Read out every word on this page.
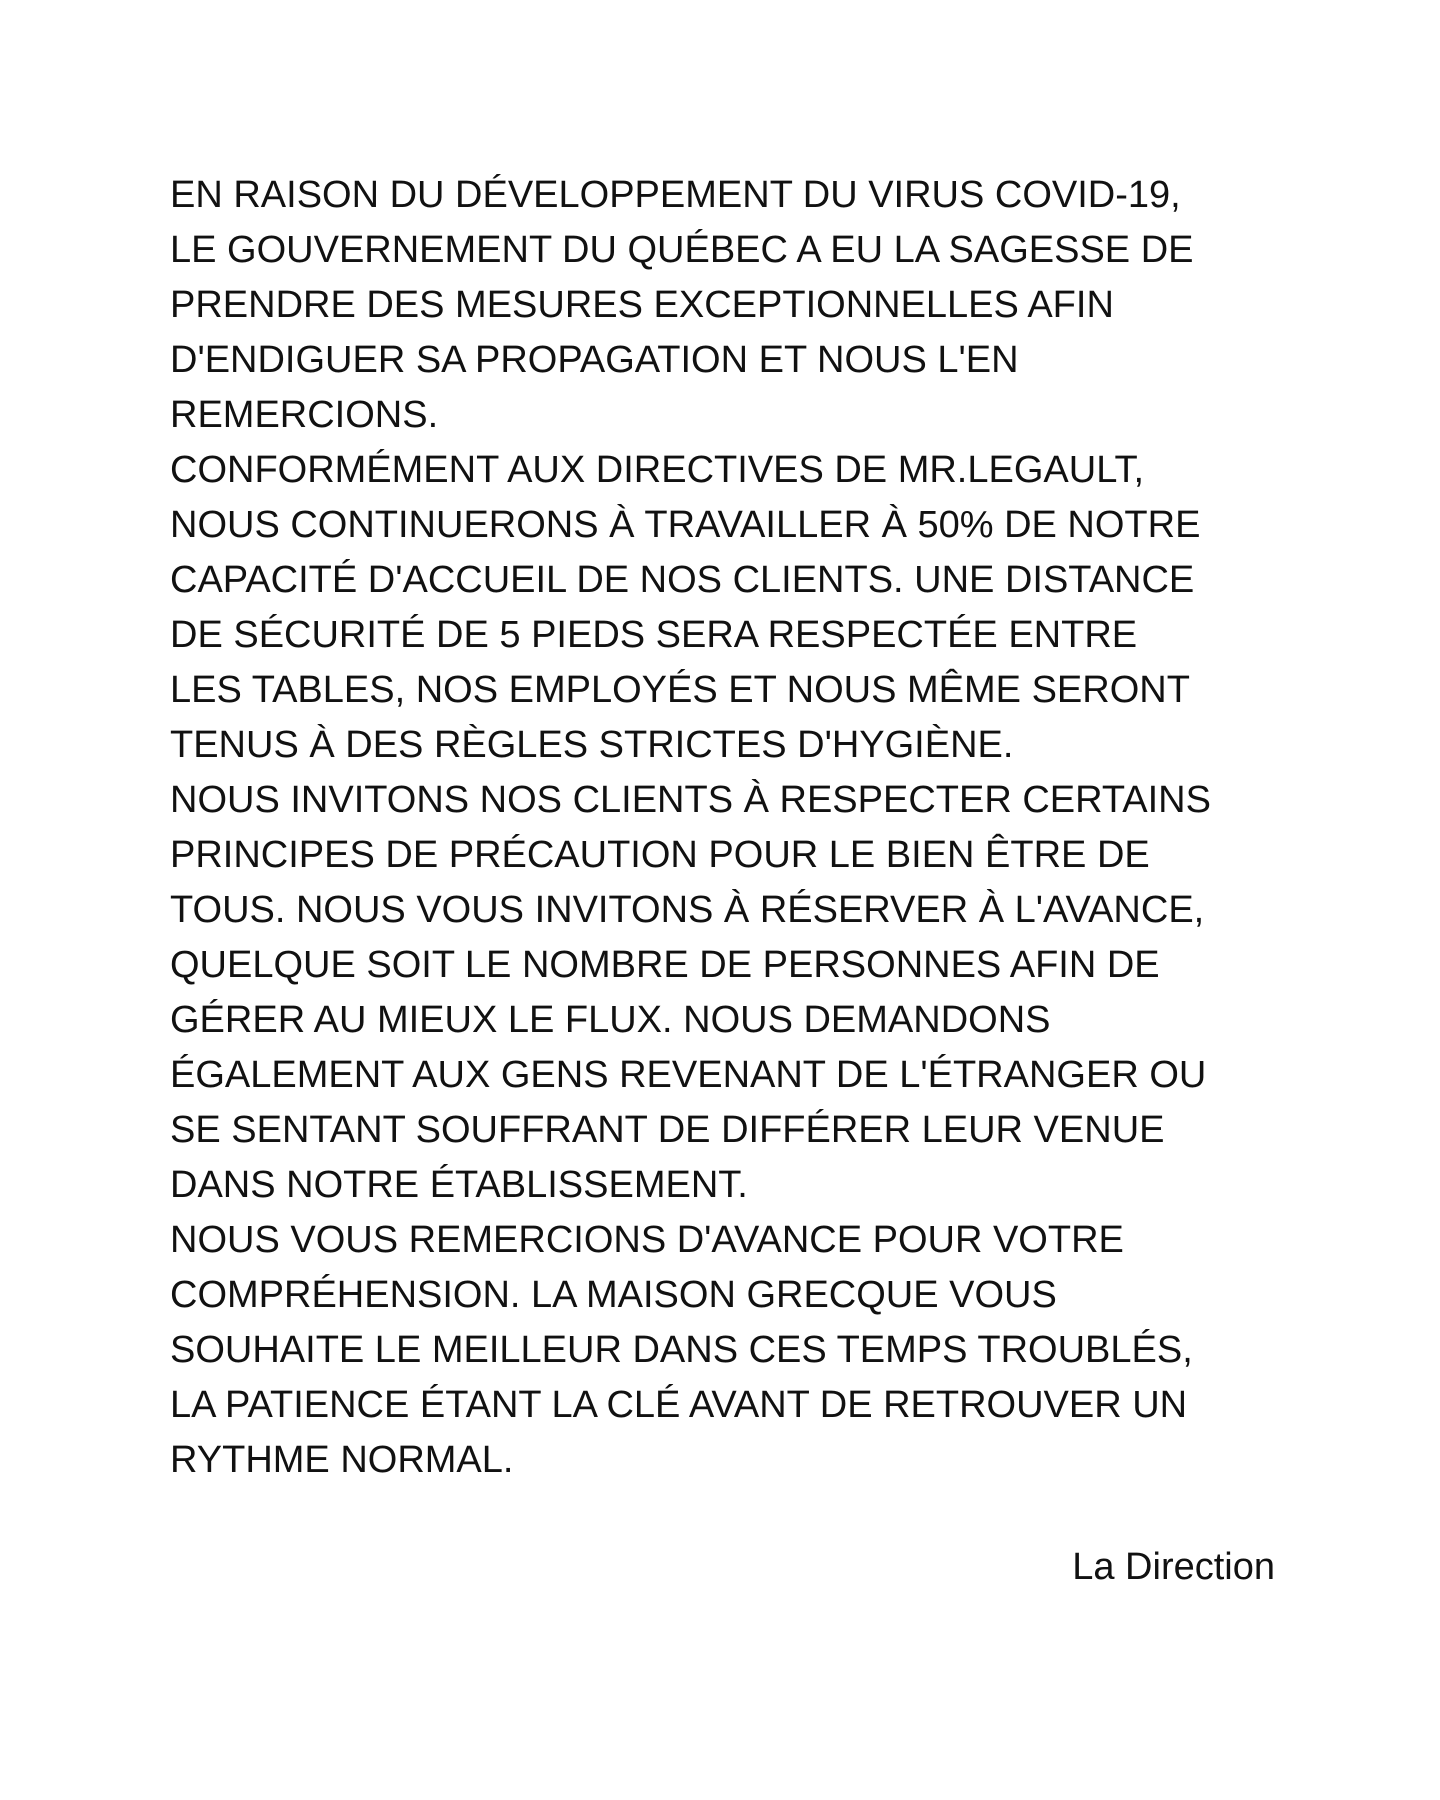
EN RAISON DU DÉVELOPPEMENT DU VIRUS COVID-19,
LE GOUVERNEMENT DU QUÉBEC A EU LA SAGESSE DE
PRENDRE DES MESURES EXCEPTIONNELLES AFIN
D'ENDIGUER SA PROPAGATION ET NOUS L'EN
REMERCIONS.
CONFORMÉMENT AUX DIRECTIVES DE MR.LEGAULT,
NOUS CONTINUERONS À TRAVAILLER À 50% DE NOTRE
CAPACITÉ D'ACCUEIL DE NOS CLIENTS. UNE DISTANCE
DE SÉCURITÉ DE 5 PIEDS SERA RESPECTÉE ENTRE
LES TABLES, NOS EMPLOYÉS ET NOUS MÊME SERONT
TENUS À DES RÈGLES STRICTES D'HYGIÈNE.
NOUS INVITONS NOS CLIENTS À RESPECTER CERTAINS
PRINCIPES DE PRÉCAUTION POUR LE BIEN ÊTRE DE
TOUS. NOUS VOUS INVITONS À RÉSERVER À L'AVANCE,
QUELQUE SOIT LE NOMBRE DE PERSONNES AFIN DE
GÉRER AU MIEUX LE FLUX. NOUS DEMANDONS
ÉGALEMENT AUX GENS REVENANT DE L'ÉTRANGER OU
SE SENTANT SOUFFRANT DE DIFFÉRER LEUR VENUE
DANS NOTRE ÉTABLISSEMENT.
NOUS VOUS REMERCIONS D'AVANCE POUR VOTRE
COMPRÉHENSION. LA MAISON GRECQUE VOUS
SOUHAITE LE MEILLEUR DANS CES TEMPS TROUBLÉS,
LA PATIENCE ÉTANT LA CLÉ AVANT DE RETROUVER UN
RYTHME NORMAL.
La Direction
